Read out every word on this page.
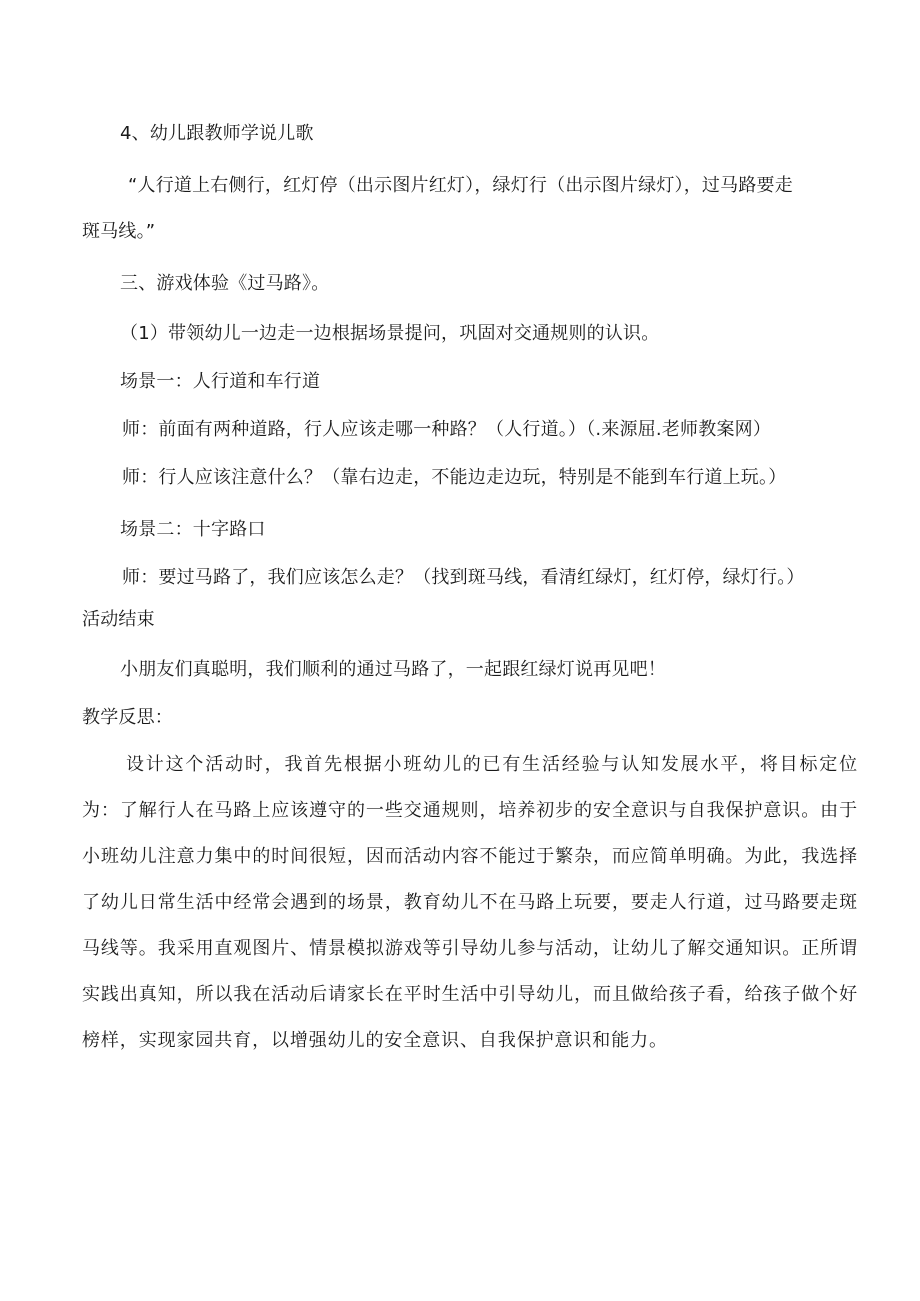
4、幼儿跟教师学说儿歌
“人行道上右侧行，红灯停（出示图片红灯），绿灯行（出示图片绿灯），过马路要走
斑马线。”
三、游戏体验《过马路》。
（1）带领幼儿一边走一边根据场景提问，巩固对交通规则的认识。
场景一：人行道和车行道
师：前面有两种道路，行人应该走哪一种路？（人行道。）（.来源屈.老师教案网）
师：行人应该注意什么？（靠右边走，不能边走边玩，特别是不能到车行道上玩。）
场景二：十字路口
师：要过马路了，我们应该怎么走？（找到斑马线，看清红绿灯，红灯停，绿灯行。）
活动结束
小朋友们真聪明，我们顺利的通过马路了，一起跟红绿灯说再见吧！
教学反思：
设计这个活动时，我首先根据小班幼儿的已有生活经验与认知发展水平，将目标定位为：了解行人在马路上应该遵守的一些交通规则，培养初步的安全意识与自我保护意识。由于小班幼儿注意力集中的时间很短，因而活动内容不能过于繁杂，而应简单明确。为此，我选择了幼儿日常生活中经常会遇到的场景，教育幼儿不在马路上玩要，要走人行道，过马路要走斑马线等。我采用直观图片、情景模拟游戏等引导幼儿参与活动，让幼儿了解交通知识。正所谓实践出真知，所以我在活动后请家长在平时生活中引导幼儿，而且做给孩子看，给孩子做个好榜样，实现家园共育，以增强幼儿的安全意识、自我保护意识和能力。
